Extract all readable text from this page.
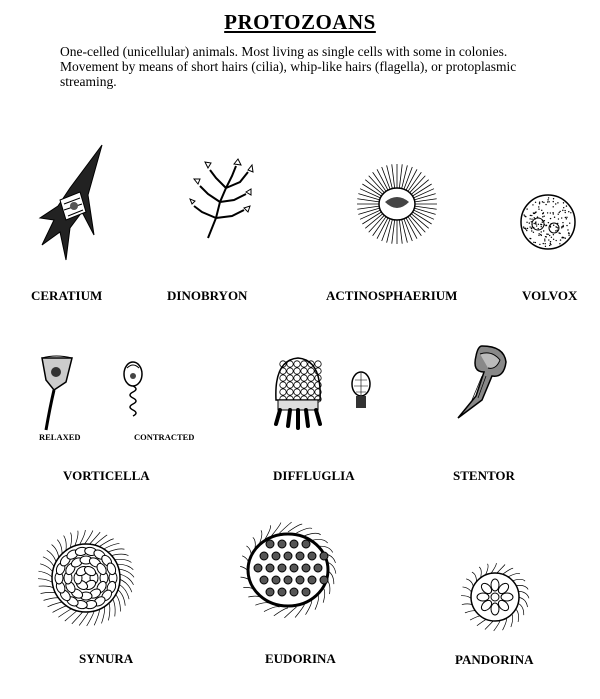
PROTOZOANS

One-celled (unicellular) animals. Most living as single cells with some in colonies.

Movement by means of short hairs (cilia), whip-like hairs (flagella), or protoplasmic

streaming.

CERATIUM	DINOBRYON	ACTINOSPHAERIUM	VOLVOX
RELAXED	CONTRACTED
VORTICELLA	DIFFLUGLIA	STENTOR
SYNURA	EUDORINA	PANDORINA
